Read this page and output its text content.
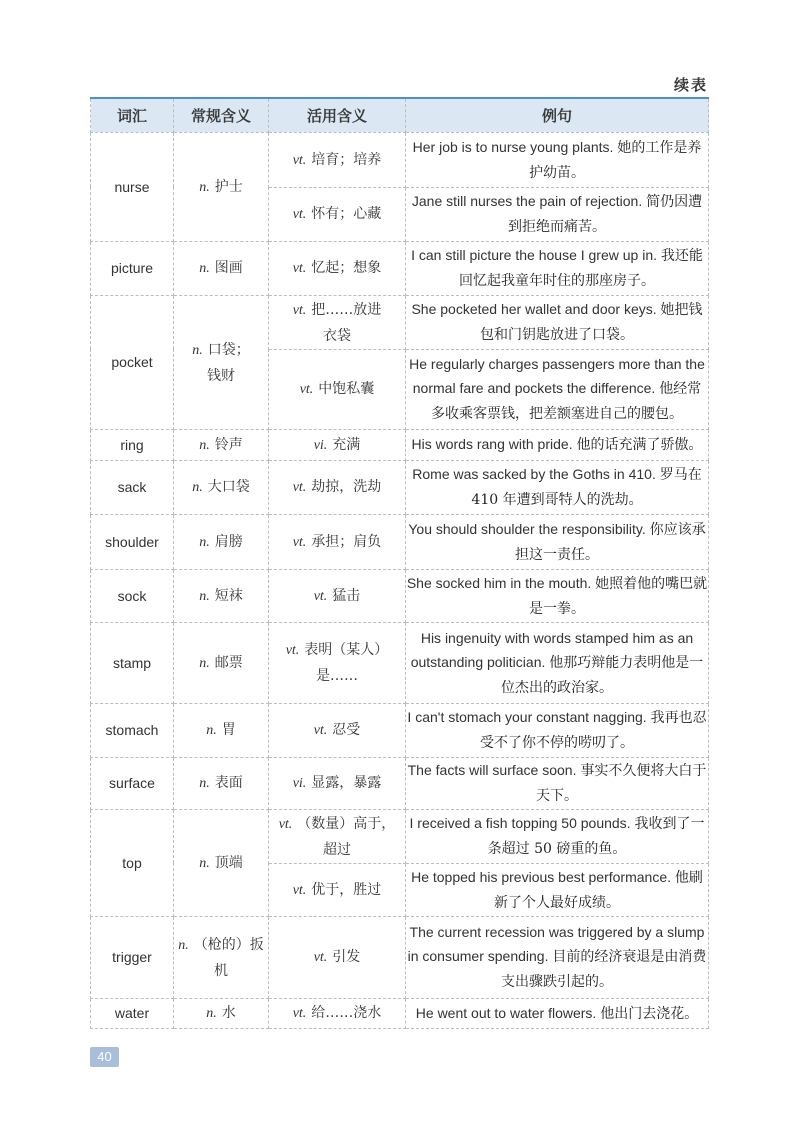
续表
词汇	常规含义	活用含义	例句
nurse	n. 护士	vt. 培育；培养	Her job is to nurse young plants. 她的工作是养护幼苗。
		vt. 怀有；心藏	Jane still nurses the pain of rejection. 简仍因遭到拒绝而痛苦。
picture	n. 图画	vt. 忆起；想象	I can still picture the house I grew up in. 我还能回忆起我童年时住的那座房子。
pocket	n. 口袋；钱财	vt. 把……放进衣袋	She pocketed her wallet and door keys. 她把钱包和门钥匙放进了口袋。
		vt. 中饱私囊	He regularly charges passengers more than the normal fare and pockets the difference. 他经常多收乘客票钱，把差额塞进自己的腰包。
ring	n. 铃声	vi. 充满	His words rang with pride. 他的话充满了骄傲。
sack	n. 大口袋	vt. 劫掠，洗劫	Rome was sacked by the Goths in 410. 罗马在 410 年遭到哥特人的洗劫。
shoulder	n. 肩膀	vt. 承担；肩负	You should shoulder the responsibility. 你应该承担这一责任。
sock	n. 短袜	vt. 猛击	She socked him in the mouth. 她照着他的嘴巴就是一拳。
stamp	n. 邮票	vt. 表明（某人）是……	His ingenuity with words stamped him as an outstanding politician. 他那巧辩能力表明他是一位杰出的政治家。
stomach	n. 胃	vt. 忍受	I can't stomach your constant nagging. 我再也忍受不了你不停的唠叨了。
surface	n. 表面	vi. 显露，暴露	The facts will surface soon. 事实不久便将大白于天下。
top	n. 顶端	vt. （数量）高于，超过	I received a fish topping 50 pounds. 我收到了一条超过 50 磅重的鱼。
		vt. 优于，胜过	He topped his previous best performance. 他刷新了个人最好成绩。
trigger	n. （枪的）扳机	vt. 引发	The current recession was triggered by a slump in consumer spending. 目前的经济衰退是由消费支出骤跌引起的。
water	n. 水	vt. 给……浇水	He went out to water flowers. 他出门去浇花。
40
